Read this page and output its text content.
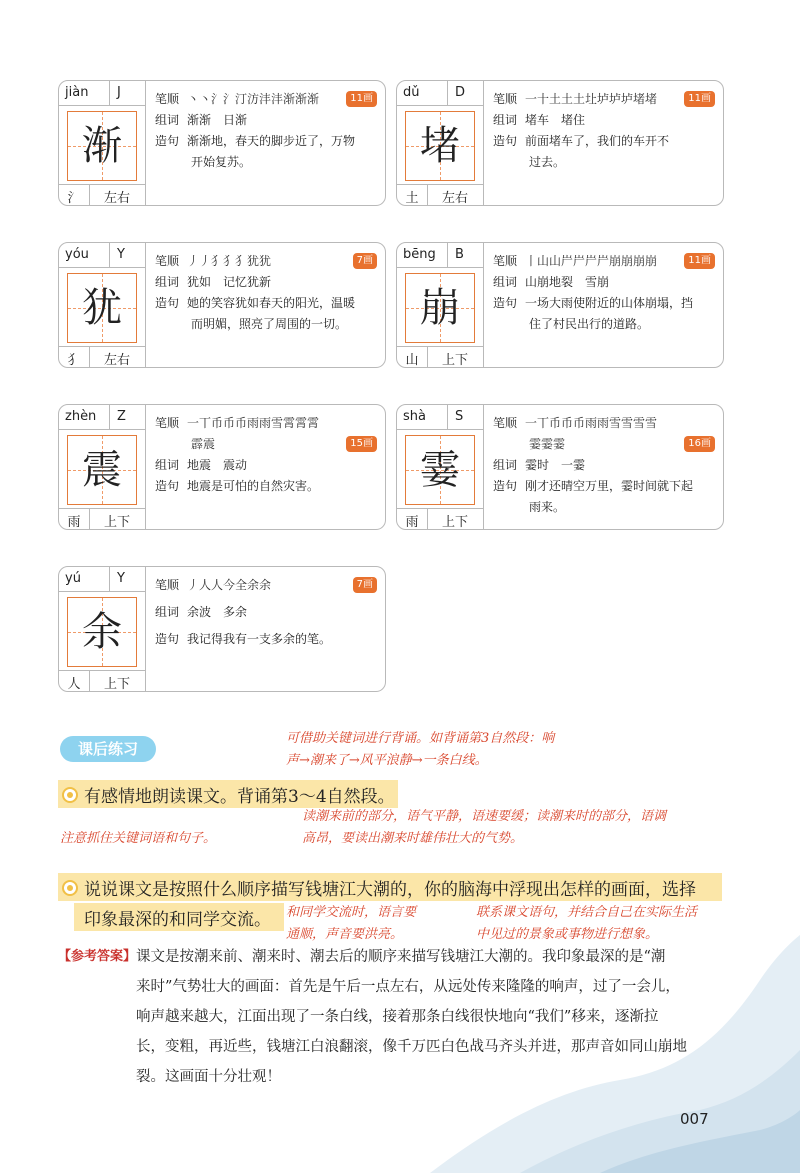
jiàn J
渐
氵	左右
笔顺 丶丶氵氵汀汸沣沣渐渐渐	11画
组词 渐渐　日渐
造句 渐渐地，春天的脚步近了，万物
开始复苏。
dǔ	D
堵
土	左右
笔顺 一十土土土圵垆垆垆堵堵	11画
组词 堵车　堵住
造句 前面堵车了，我们的车开不
过去。
yóu Y
犹
犭	左右
笔顺 丿丿犭犭犭犹犹	7画
组词 犹如　记忆犹新
造句 她的笑容犹如春天的阳光，温暖
而明媚，照亮了周围的一切。
bēng B
崩
山	上下
笔顺 丨山山屵屵屵屵崩崩崩崩	11画
组词 山崩地裂　雪崩
造句 一场大雨使附近的山体崩塌，挡
住了村民出行的道路。
zhèn Z
震
雨	上下
笔顺 一丅币币币雨雨雪霄霄霄
霹震	15画
组词 地震　震动
造句 地震是可怕的自然灾害。
shà S
霎
雨	上下
笔顺 一丅币币币雨雨雪雪雪雪
霎霎霎	16画
组词 霎时　一霎
造句 刚才还晴空万里，霎时间就下起
雨来。
yú	Y
余
人	上下
笔顺 丿人人今全余余	7画
组词 余波　多余
造句 我记得我有一支多余的笔。
课后练习
可借助关键词进行背诵。如背诵第3自然段：响
声→潮来了→风平浪静→一条白线。
有感情地朗读课文。背诵第3～4自然段。
注意抓住关键词语和句子。
读潮来前的部分，语气平静，语速要缓；读潮来时的部分，语调
高昂，要读出潮来时雄伟壮大的气势。
说说课文是按照什么顺序描写钱塘江大潮的，你的脑海中浮现出怎样的画面，选择
印象最深的和同学交流。 和同学交流时，语言要
通顺，声音要洪亮。
联系课文语句，并结合自己在实际生活
中见过的景象或事物进行想象。
【参考答案】 课文是按潮来前、潮来时、潮去后的顺序来描写钱塘江大潮的。我印象最深的是“潮

来时”气势壮大的画面：首先是午后一点左右，从远处传来隆隆的响声，过了一会儿，

响声越来越大，江面出现了一条白线，接着那条白线很快地向“我们”移来，逐渐拉

长，变粗，再近些，钱塘江白浪翻滚，像千万匹白色战马齐头并进，那声音如同山崩地

裂。这画面十分壮观！

007
